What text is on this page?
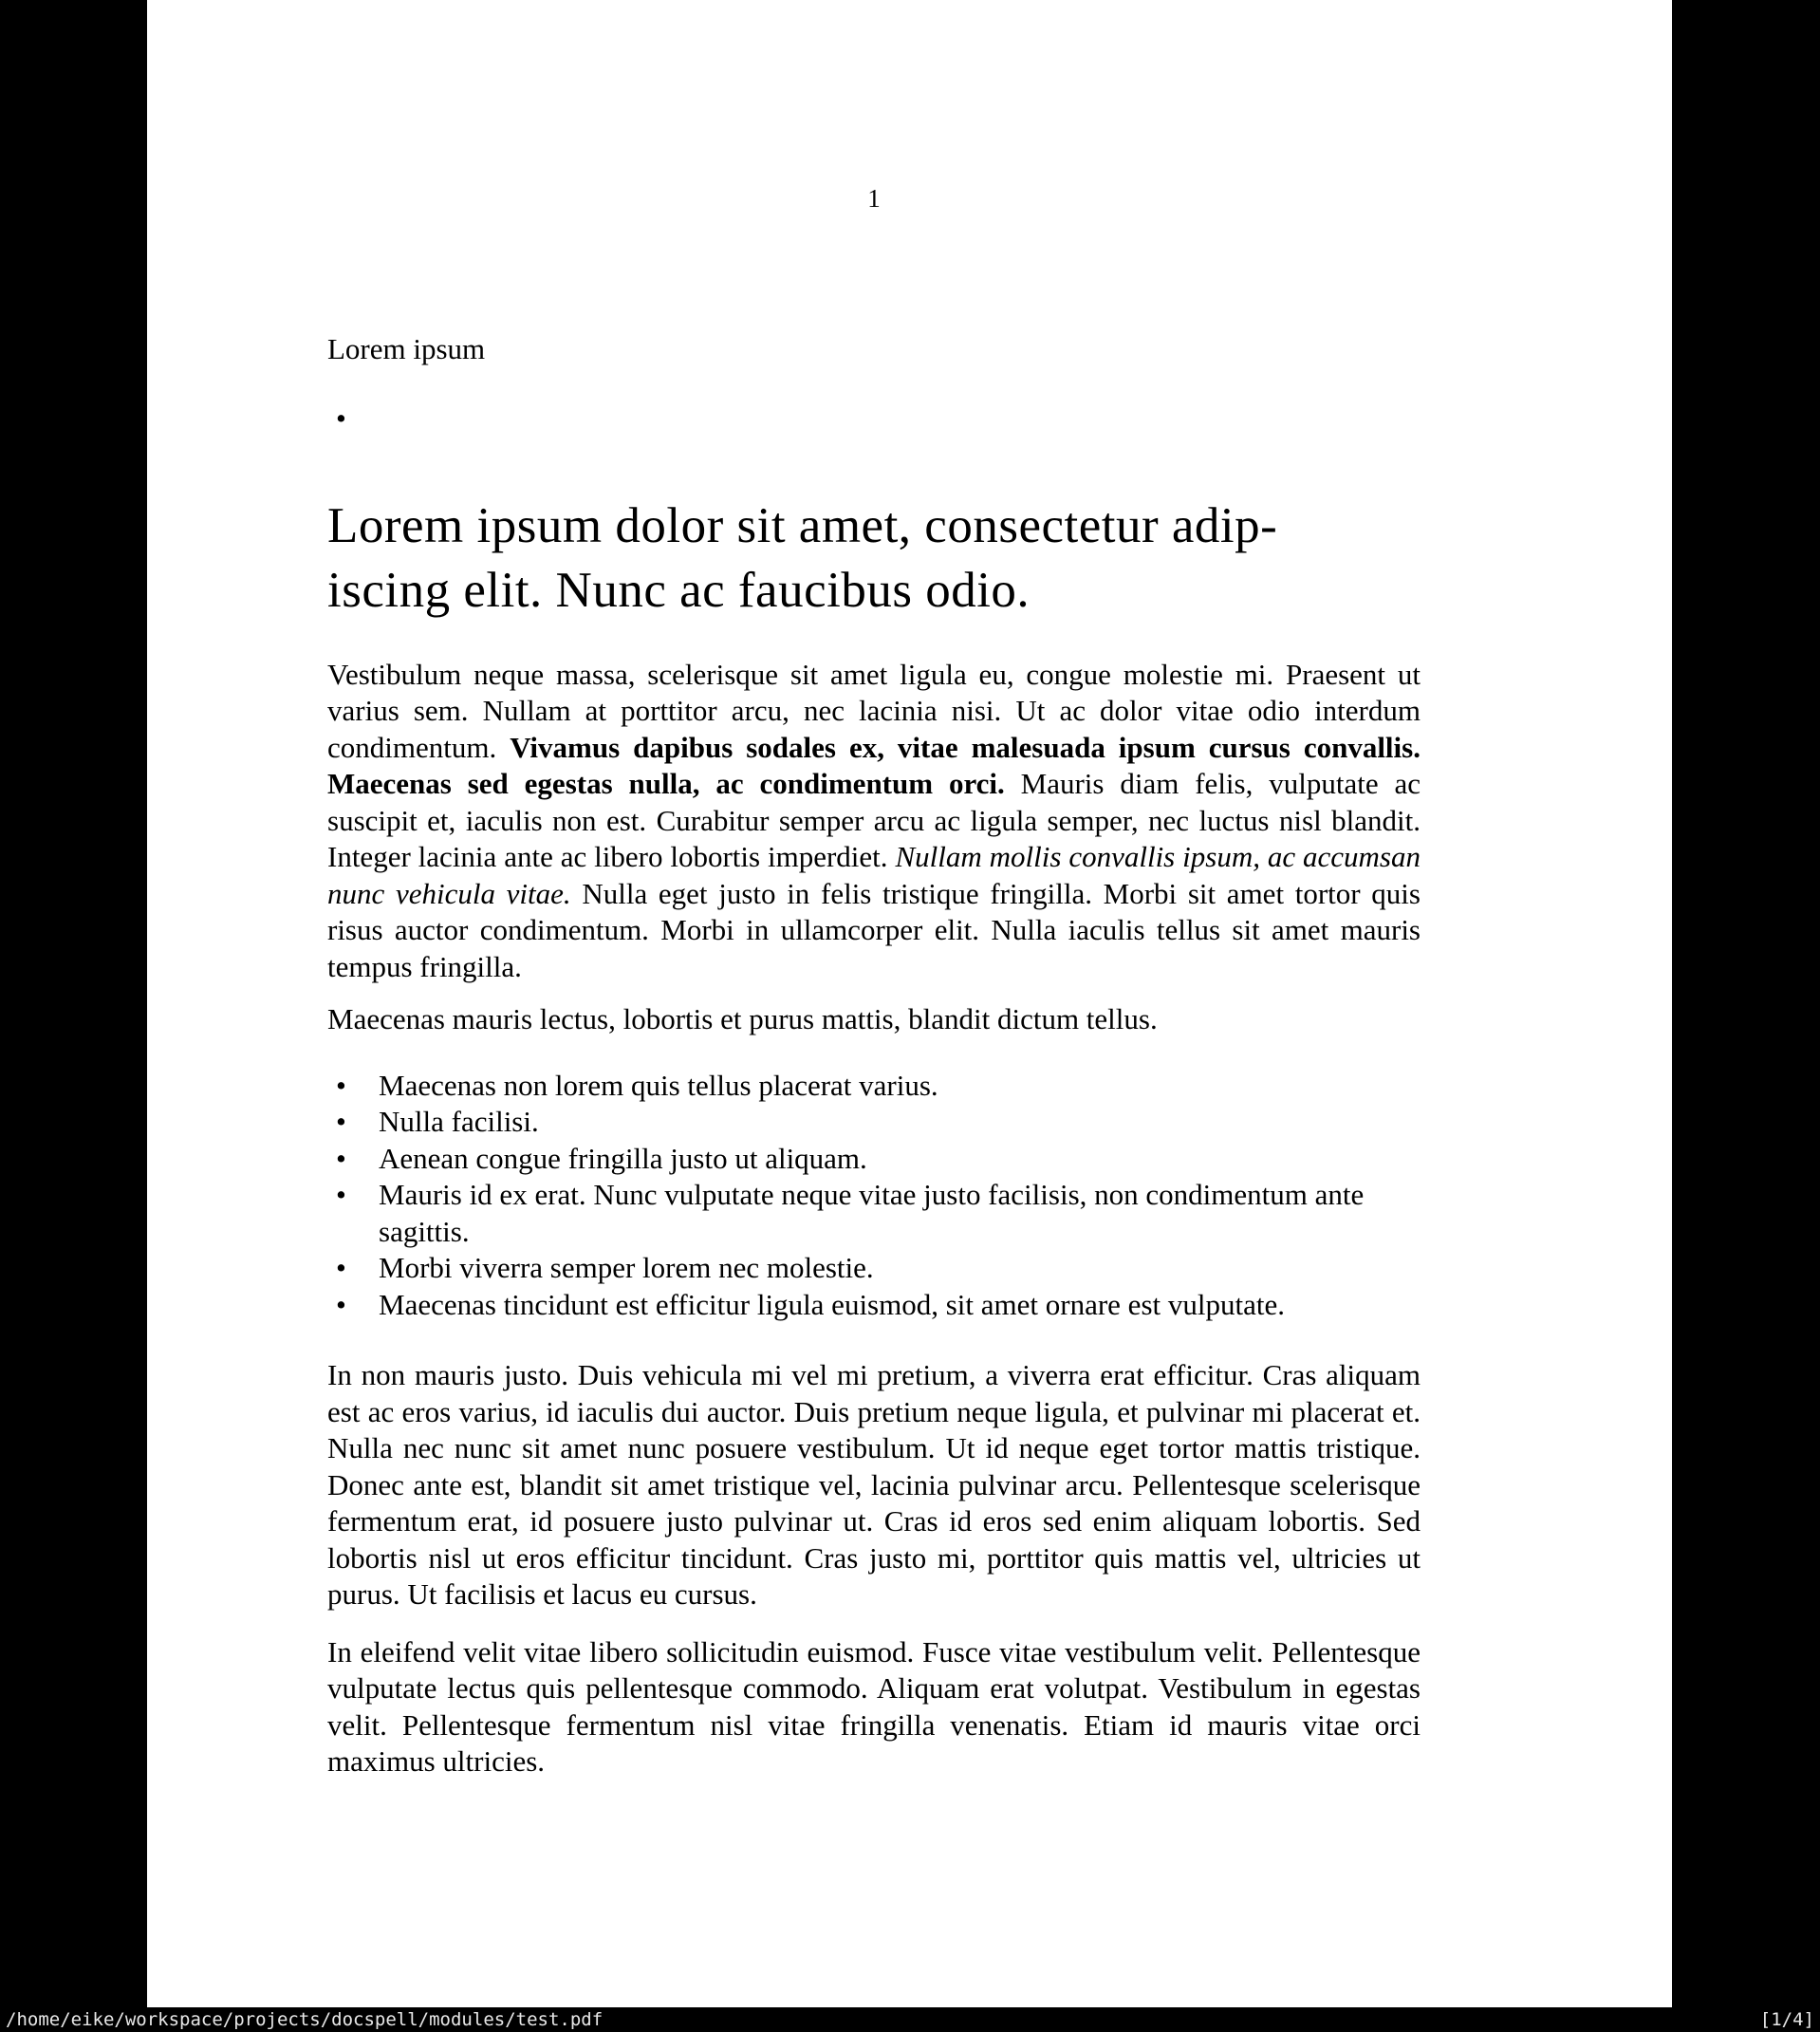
1
Lorem ipsum
•
Lorem ipsum dolor sit amet, consectetur adip-
iscing elit. Nunc ac faucibus odio.

Vestibulum neque massa, scelerisque sit amet ligula eu, congue molestie mi. Praesent ut varius sem. Nullam at porttitor arcu, nec lacinia nisi. Ut ac dolor vitae odio interdum condimentum. Vivamus dapibus sodales ex, vitae malesuada ipsum cursus convallis. Maecenas sed egestas nulla, ac condimentum orci. Mauris diam felis, vulputate ac suscipit et, iaculis non est. Curabitur semper arcu ac ligula semper, nec luctus nisl blandit. Integer lacinia ante ac libero lobortis imperdiet. Nullam mollis convallis ipsum, ac accumsan nunc vehicula vitae. Nulla eget justo in felis tristique fringilla. Morbi sit amet tortor quis risus auctor condimentum. Morbi in ullamcorper elit. Nulla iaculis tellus sit amet mauris tempus fringilla.

Maecenas mauris lectus, lobortis et purus mattis, blandit dictum tellus.

• Maecenas non lorem quis tellus placerat varius.
• Nulla facilisi.
• Aenean congue fringilla justo ut aliquam.
• Mauris id ex erat. Nunc vulputate neque vitae justo facilisis, non condimentum ante sagittis.
• Morbi viverra semper lorem nec molestie.
• Maecenas tincidunt est efficitur ligula euismod, sit amet ornare est vulputate.

In non mauris justo. Duis vehicula mi vel mi pretium, a viverra erat efficitur. Cras aliquam est ac eros varius, id iaculis dui auctor. Duis pretium neque ligula, et pulvinar mi placerat et. Nulla nec nunc sit amet nunc posuere vestibulum. Ut id neque eget tortor mattis tristique. Donec ante est, blandit sit amet tristique vel, lacinia pulvinar arcu. Pellentesque scelerisque fermentum erat, id posuere justo pulvinar ut. Cras id eros sed enim aliquam lobortis. Sed lobortis nisl ut eros efficitur tincidunt. Cras justo mi, porttitor quis mattis vel, ultricies ut purus. Ut facilisis et lacus eu cursus.

In eleifend velit vitae libero sollicitudin euismod. Fusce vitae vestibulum velit. Pellentesque vulputate lectus quis pellentesque commodo. Aliquam erat volutpat. Vestibulum in egestas velit. Pellentesque fermentum nisl vitae fringilla venenatis. Etiam id mauris vitae orci maximus ultricies.

/home/eike/workspace/projects/docspell/modules/test.pdf	[1/4]
